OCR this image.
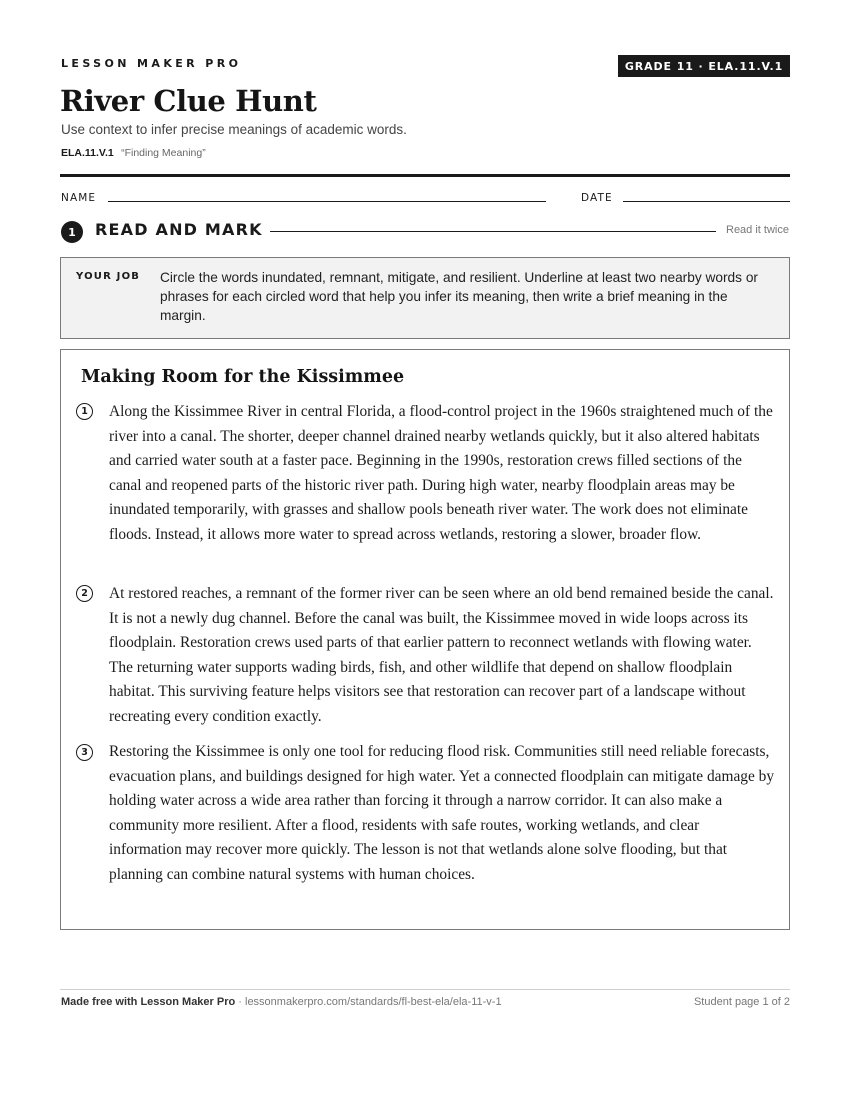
LESSON MAKER PRO	GRADE 11 · ELA.11.V.1
River Clue Hunt
Use context to infer precise meanings of academic words.
ELA.11.V.1 “Finding Meaning”
NAME	DATE
1	READ AND MARK	Read it twice
YOUR JOB Circle the words inundated, remnant, mitigate, and resilient. Underline at least two nearby words or phrases for each circled word that help you infer its meaning, then write a brief meaning in the margin.
Making Room for the Kissimmee
1	Along the Kissimmee River in central Florida, a flood-control project in the 1960s straightened much of the river into a canal. The shorter, deeper channel drained nearby wetlands quickly, but it also altered habitats and carried water south at a faster pace. Beginning in the 1990s, restoration crews filled sections of the canal and reopened parts of the historic river path. During high water, nearby floodplain areas may be inundated temporarily, with grasses and shallow pools beneath river water. The work does not eliminate floods. Instead, it allows more water to spread across wetlands, restoring a slower, broader flow.
2	At restored reaches, a remnant of the former river can be seen where an old bend remained beside the canal. It is not a newly dug channel. Before the canal was built, the Kissimmee moved in wide loops across its floodplain. Restoration crews used parts of that earlier pattern to reconnect wetlands with flowing water. The returning water supports wading birds, fish, and other wildlife that depend on shallow floodplain habitat. This surviving feature helps visitors see that restoration can recover part of a landscape without recreating every condition exactly.
3	Restoring the Kissimmee is only one tool for reducing flood risk. Communities still need reliable forecasts, evacuation plans, and buildings designed for high water. Yet a connected floodplain can mitigate damage by holding water across a wide area rather than forcing it through a narrow corridor. It can also make a community more resilient. After a flood, residents with safe routes, working wetlands, and clear information may recover more quickly. The lesson is not that wetlands alone solve flooding, but that planning can combine natural systems with human choices.
Made free with Lesson Maker Pro · lessonmakerpro.com/standards/fl-best-ela/ela-11-v-1	Student page 1 of 2
